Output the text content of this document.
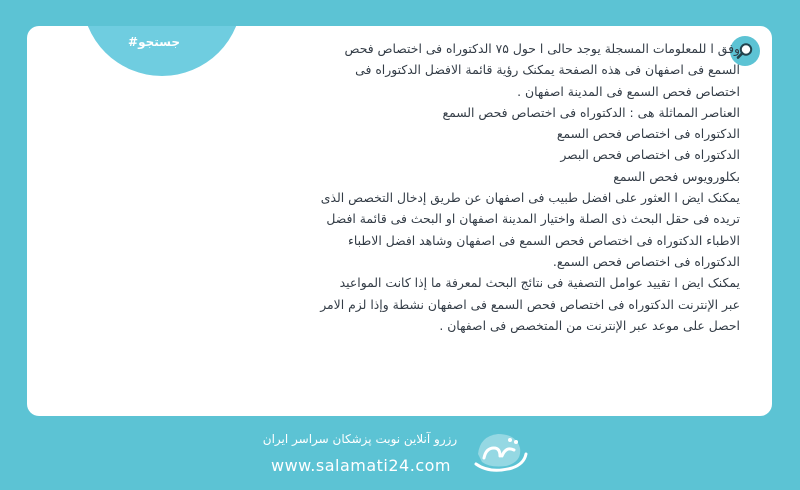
#جستجو	وفق ا للمعلومات المسجلة یوجد حالی ا حول ۷۵ الدکتوراه فی اختصاص فحص السمع فی اصفهان فی هذه الصفحة یمکنک رؤیة قائمة الافضل الدکتوراه فی اختصاص فحص السمع فی المدینة اصفهان .

العناصر المماثلة هی : الدکتوراه فی اختصاص فحص السمع

الدکتوراه فی اختصاص فحص السمع

الدکتوراه فی اختصاص فحص البصر

بکلورویوس فحص السمع

یمکنک ایض ا العثور علی افضل طبیب فی اصفهان عن طریق إدخال التخصص الذی تریده فی حقل البحث ذی الصلة واختیار المدینة اصفهان او البحث فی قائمة افضل الاطباء الدکتوراه فی اختصاص فحص السمع فی اصفهان وشاهد افضل الاطباء الدکتوراه فی اختصاص فحص السمع.

یمکنک ایض ا تقیید عوامل التصفیة فی نتائج البحث لمعرفة ما إذا کانت المواعید عبر الإنترنت الدکتوراه فی اختصاص فحص السمع فی اصفهان نشطة وإذا لزم الامر احصل علی موعد عبر الإنترنت من المتخصص فی اصفهان .

رزرو آنلاین نوبت پزشکان سراسر ایران
www.salamati24.com
